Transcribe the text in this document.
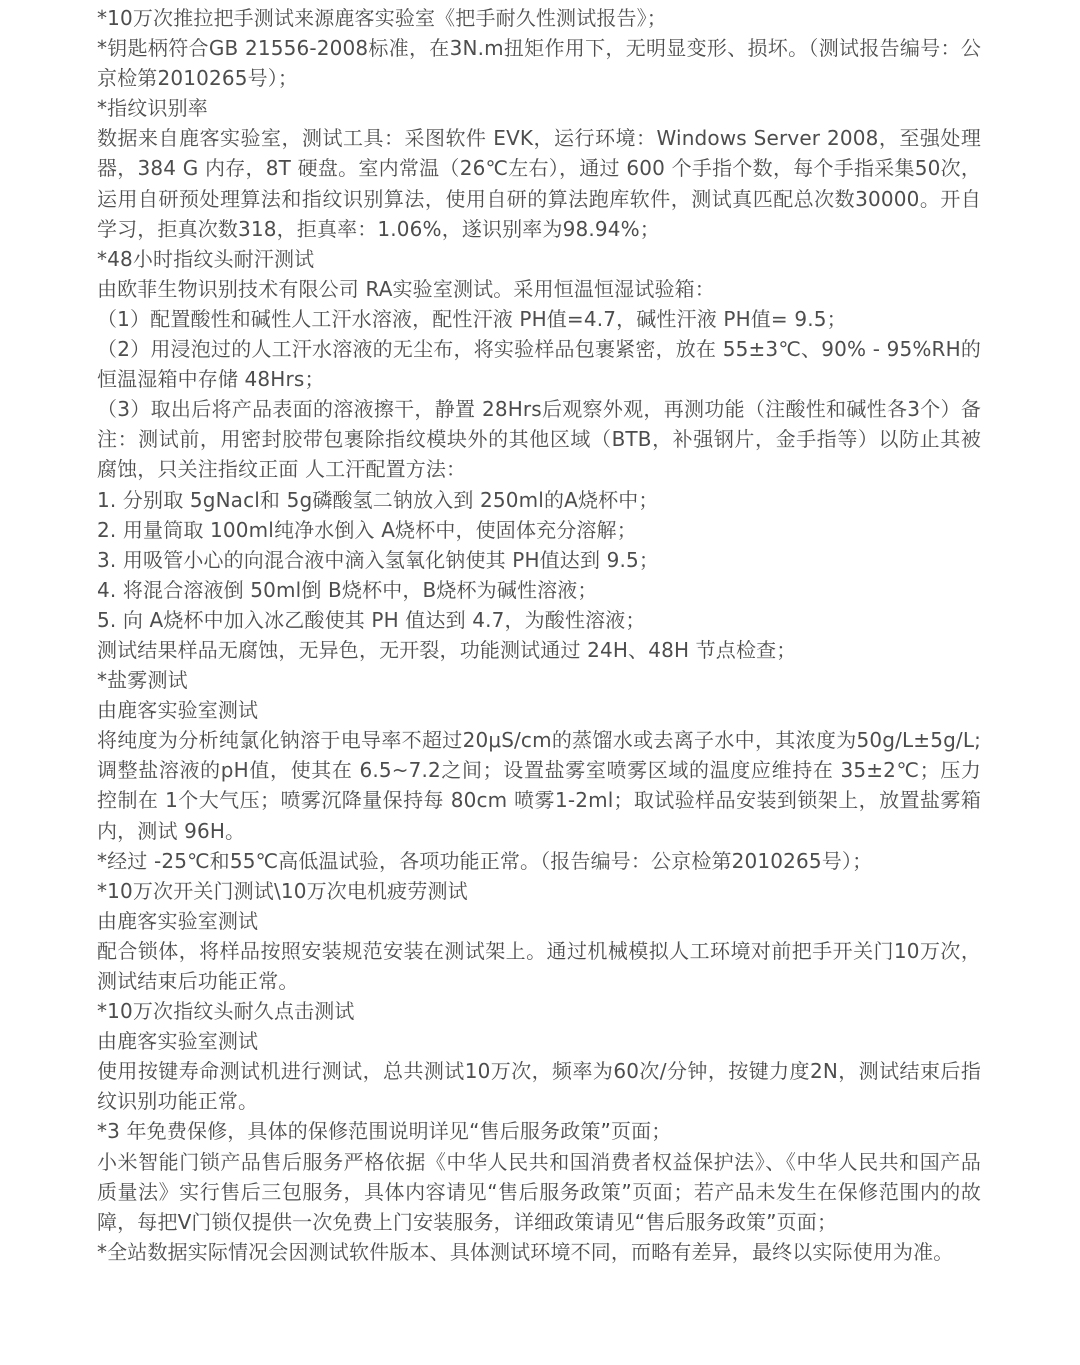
*10万次推拉把手测试来源鹿客实验室《把手耐久性测试报告》；

*钥匙柄符合GB 21556-2008标准，在3N.m扭矩作用下，无明显变形、损坏。（测试报告编号：公京检第2010265号）；

*指纹识别率

数据来自鹿客实验室，测试工具：采图软件 EVK，运行环境：Windows Server 2008，至强处理器，384 G 内存，8T 硬盘。室内常温（26℃左右），通过 600 个手指个数，每个手指采集50次，运用自研预处理算法和指纹识别算法，使用自研的算法跑库软件，测试真匹配总次数30000。开自学习，拒真次数318，拒真率：1.06%，遂识别率为98.94%；

*48小时指纹头耐汗测试

由欧菲生物识别技术有限公司 RA实验室测试。采用恒温恒湿试验箱：

（1）配置酸性和碱性人工汗水溶液，配性汗液 PH值=4.7，碱性汗液 PH值= 9.5；

（2）用浸泡过的人工汗水溶液的无尘布，将实验样品包裹紧密，放在 55±3℃、90% - 95%RH的恒温湿箱中存储 48Hrs；

（3）取出后将产品表面的溶液擦干，静置 28Hrs后观察外观，再测功能（注酸性和碱性各3个）备注：测试前，用密封胶带包裹除指纹模块外的其他区域（BTB，补强钢片，金手指等）以防止其被腐蚀，只关注指纹正面 人工汗配置方法：

1. 分别取 5gNacl和 5g磷酸氢二钠放入到 250ml的A烧杯中；

2. 用量筒取 100ml纯净水倒入 A烧杯中，使固体充分溶解；

3. 用吸管小心的向混合液中滴入氢氧化钠使其 PH值达到 9.5；

4. 将混合溶液倒 50ml倒 B烧杯中，B烧杯为碱性溶液；

5. 向 A烧杯中加入冰乙酸使其 PH 值达到 4.7，为酸性溶液；

测试结果样品无腐蚀，无异色，无开裂，功能测试通过 24H、48H 节点检查；

*盐雾测试

由鹿客实验室测试

将纯度为分析纯氯化钠溶于电导率不超过20μS/cm的蒸馏水或去离子水中，其浓度为50g/L±5g/L;调整盐溶液的pH值，使其在 6.5~7.2之间；设置盐雾室喷雾区域的温度应维持在 35±2℃；压力控制在 1个大气压；喷雾沉降量保持每 80cm 喷雾1-2ml；取试验样品安装到锁架上，放置盐雾箱内，测试 96H。

*经过 -25℃和55℃高低温试验，各项功能正常。（报告编号：公京检第2010265号）；

*10万次开关门测试\10万次电机疲劳测试

由鹿客实验室测试

配合锁体，将样品按照安装规范安装在测试架上。通过机械模拟人工环境对前把手开关门10万次，测试结束后功能正常。

*10万次指纹头耐久点击测试

由鹿客实验室测试

使用按键寿命测试机进行测试，总共测试10万次，频率为60次/分钟，按键力度2N，测试结束后指纹识别功能正常。

*3 年免费保修，具体的保修范围说明详见“售后服务政策”页面；

小米智能门锁产品售后服务严格依据《中华人民共和国消费者权益保护法》、《中华人民共和国产品质量法》实行售后三包服务，具体内容请见“售后服务政策”页面；若产品未发生在保修范围内的故障，每把V门锁仅提供一次免费上门安装服务，详细政策请见“售后服务政策”页面；

*全站数据实际情况会因测试软件版本、具体测试环境不同，而略有差异，最终以实际使用为准。
